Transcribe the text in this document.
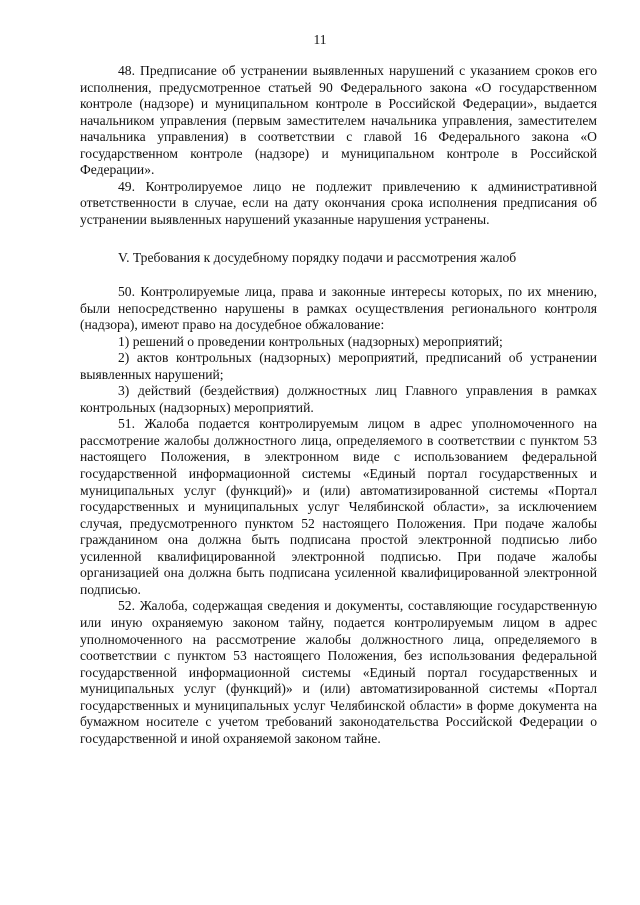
11

48. Предписание об устранении выявленных нарушений с указанием сроков его исполнения, предусмотренное статьей 90 Федерального закона «О государственном контроле (надзоре) и муниципальном контроле в Российской Федерации», выдается начальником управления (первым заместителем начальника управления, заместителем начальника управления) в соответствии с главой 16 Федерального закона «О государственном контроле (надзоре) и муниципальном контроле в Российской Федерации».

49. Контролируемое лицо не подлежит привлечению к административной ответственности в случае, если на дату окончания срока исполнения предписания об устранении выявленных нарушений указанные нарушения устранены.

V. Требования к досудебному порядку подачи и рассмотрения жалоб

50. Контролируемые лица, права и законные интересы которых, по их мнению, были непосредственно нарушены в рамках осуществления регионального контроля (надзора), имеют право на досудебное обжалование:

1) решений о проведении контрольных (надзорных) мероприятий;

2) актов контрольных (надзорных) мероприятий, предписаний об устранении выявленных нарушений;

3) действий (бездействия) должностных лиц Главного управления в рамках контрольных (надзорных) мероприятий.

51. Жалоба подается контролируемым лицом в адрес уполномоченного на рассмотрение жалобы должностного лица, определяемого в соответствии с пунктом 53 настоящего Положения, в электронном виде с использованием федеральной государственной информационной системы «Единый портал государственных и муниципальных услуг (функций)» и (или) автоматизированной системы «Портал государственных и муниципальных услуг Челябинской области», за исключением случая, предусмотренного пунктом 52 настоящего Положения. При подаче жалобы гражданином она должна быть подписана простой электронной подписью либо усиленной квалифицированной электронной подписью. При подаче жалобы организацией она должна быть подписана усиленной квалифицированной электронной подписью.

52. Жалоба, содержащая сведения и документы, составляющие государственную или иную охраняемую законом тайну, подается контролируемым лицом в адрес уполномоченного на рассмотрение жалобы должностного лица, определяемого в соответствии с пунктом 53 настоящего Положения, без использования федеральной государственной информационной системы «Единый портал государственных и муниципальных услуг (функций)» и (или) автоматизированной системы «Портал государственных и муниципальных услуг Челябинской области» в форме документа на бумажном носителе с учетом требований законодательства Российской Федерации о государственной и иной охраняемой законом тайне.
